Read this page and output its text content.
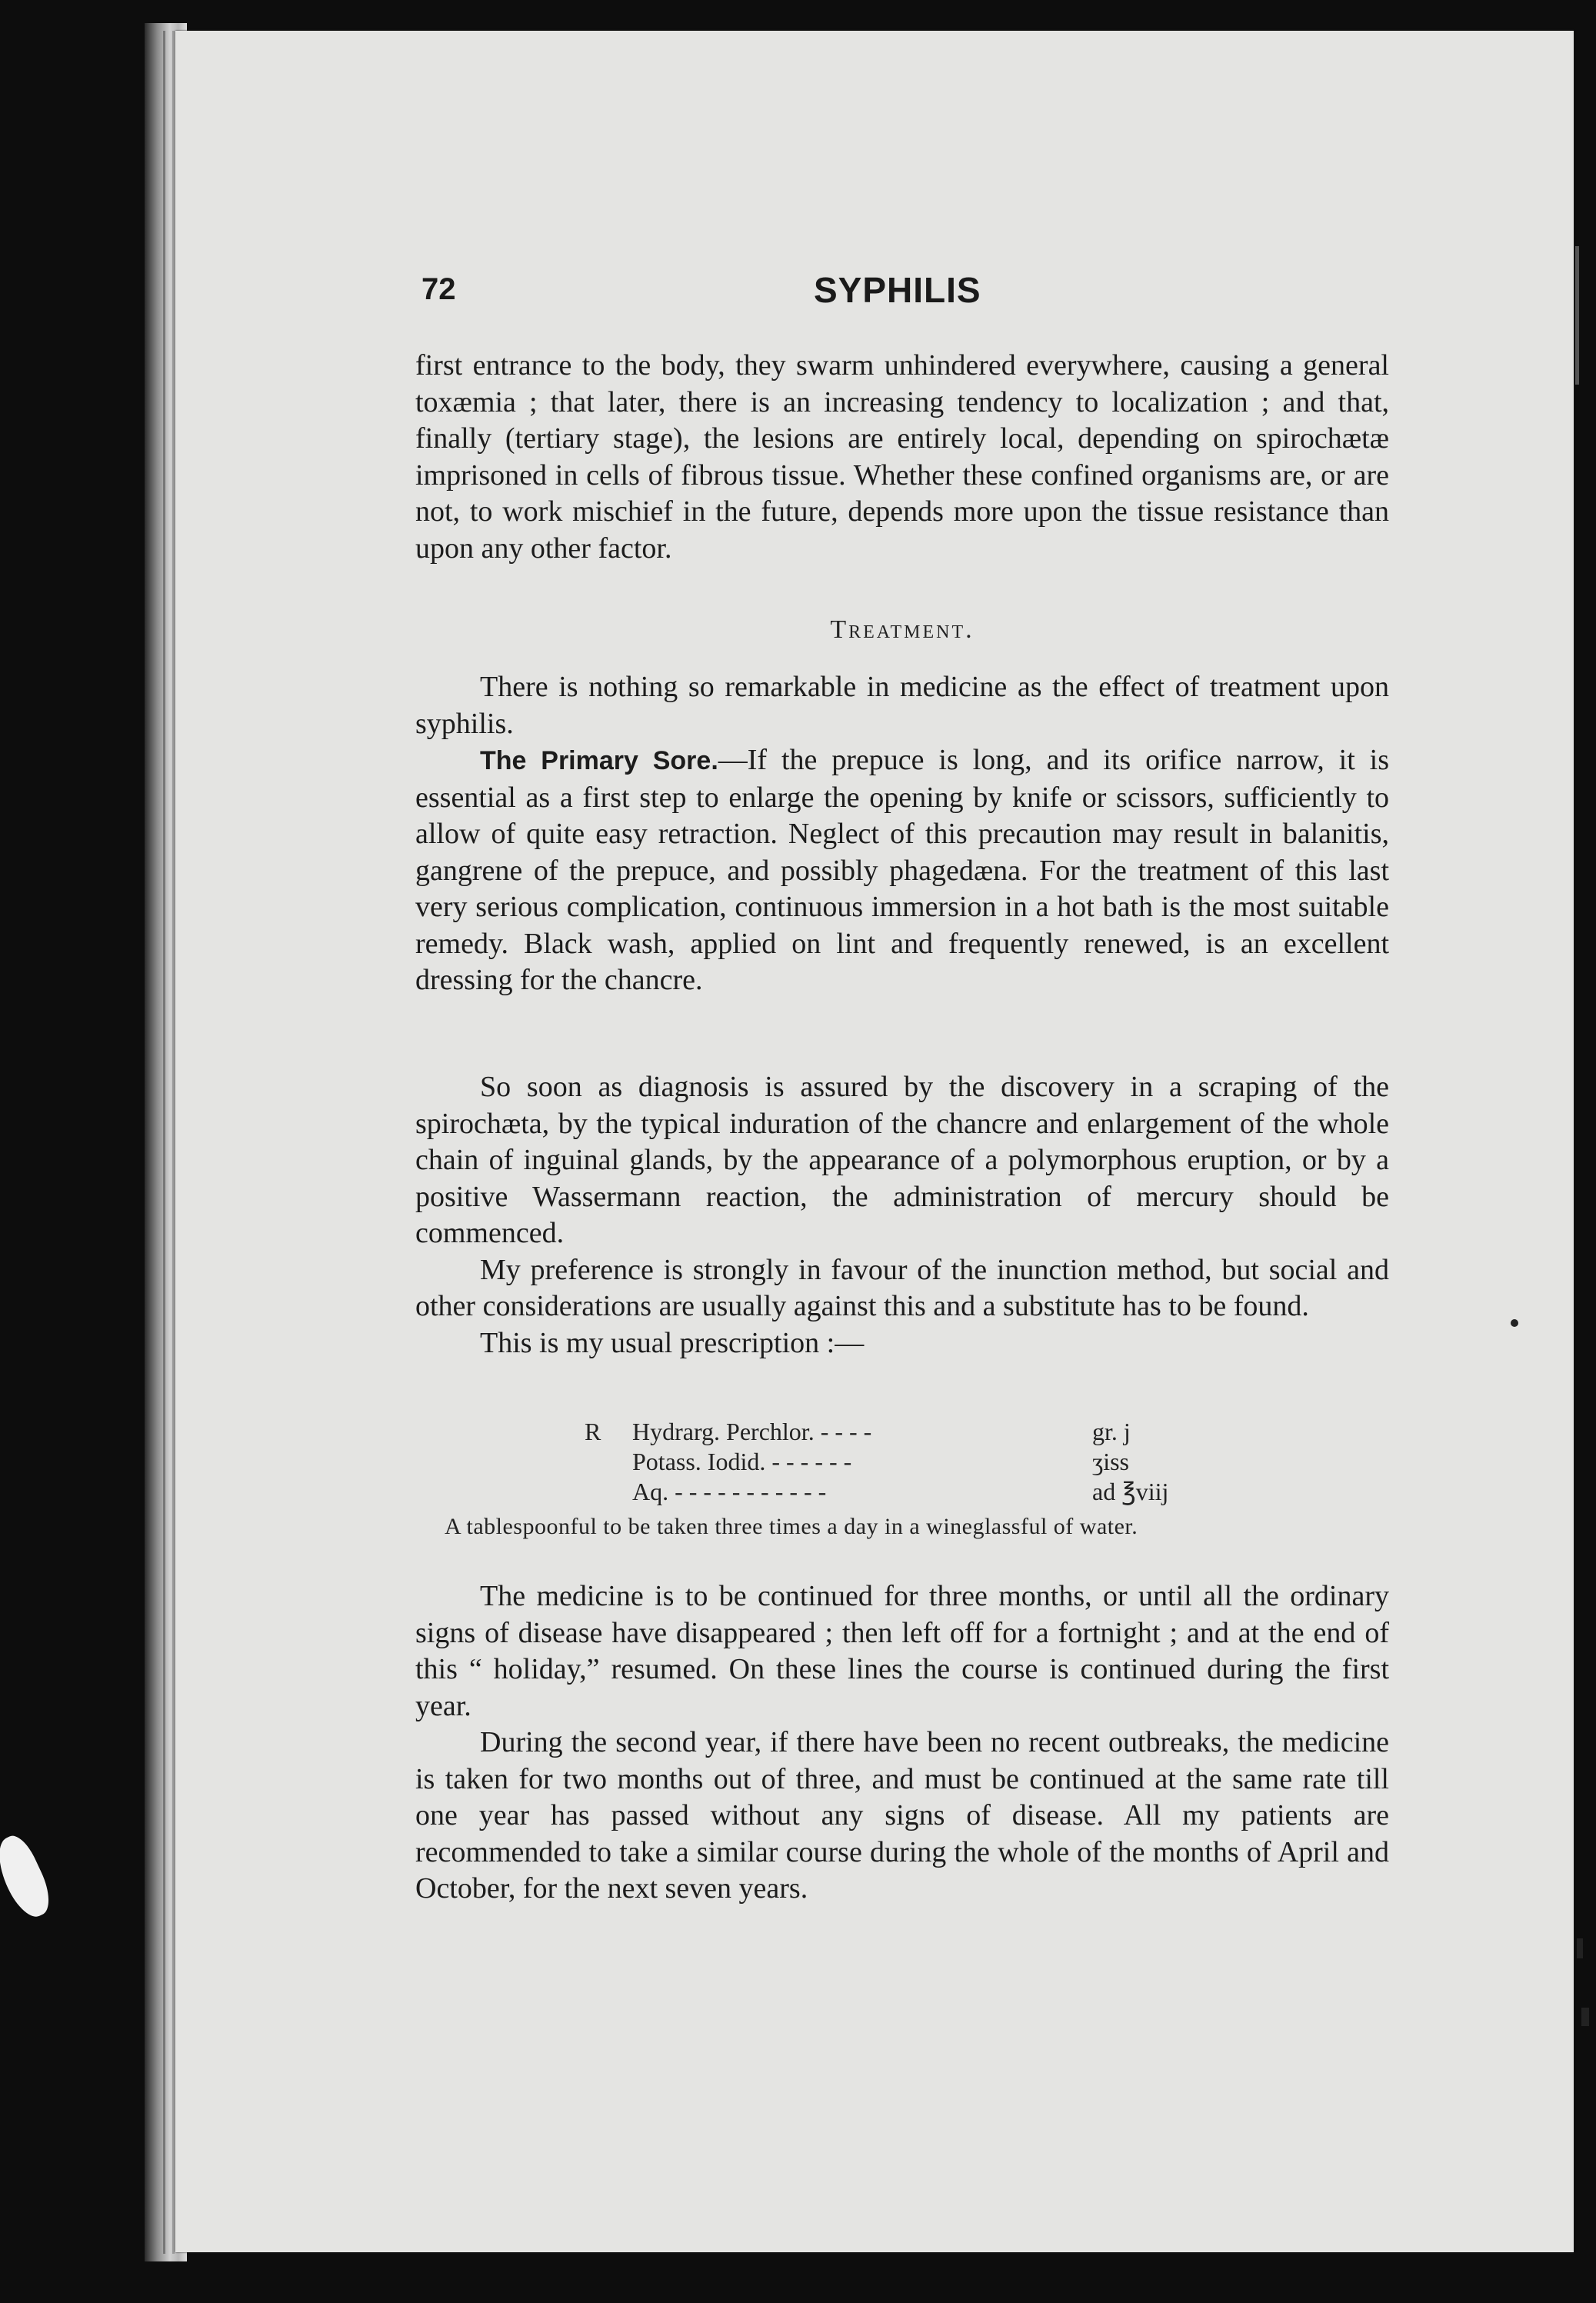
72	SYPHILIS

first entrance to the body, they swarm unhindered everywhere, causing a general toxæmia ; that later, there is an increasing tendency to localization ; and that, finally (tertiary stage), the lesions are entirely local, depending on spirochætæ imprisoned in cells of fibrous tissue. Whether these confined organisms are, or are not, to work mischief in the future, depends more upon the tissue resistance than upon any other factor.

Treatment.

There is nothing so remarkable in medicine as the effect of treatment upon syphilis.

The Primary Sore.—If the prepuce is long, and its orifice narrow, it is essential as a first step to enlarge the opening by knife or scissors, sufficiently to allow of quite easy retraction. Neglect of this precaution may result in balanitis, gangrene of the prepuce, and possibly phagedæna. For the treatment of this last very serious complication, continuous immersion in a hot bath is the most suitable remedy. Black wash, applied on lint and frequently renewed, is an excellent dressing for the chancre.

So soon as diagnosis is assured by the discovery in a scraping of the spirochæta, by the typical induration of the chancre and enlargement of the whole chain of inguinal glands, by the appearance of a polymorphous eruption, or by a positive Wassermann reaction, the administration of mercury should be commenced.

My preference is strongly in favour of the inunction method, but social and other considerations are usually against this and a substitute has to be found.

This is my usual prescription :—

R Hydrarg. Perchlor. - - - -	gr. j
Potass. Iodid. - - - - - -	ʒiss
Aq. - - - - - - - - - - -	ad ℥viij
A tablespoonful to be taken three times a day in a wineglassful of water.

The medicine is to be continued for three months, or until all the ordinary signs of disease have disappeared ; then left off for a fortnight ; and at the end of this “ holiday,” resumed. On these lines the course is continued during the first year.

During the second year, if there have been no recent outbreaks, the medicine is taken for two months out of three, and must be continued at the same rate till one year has passed without any signs of disease. All my patients are recommended to take a similar course during the whole of the months of April and October, for the next seven years.
